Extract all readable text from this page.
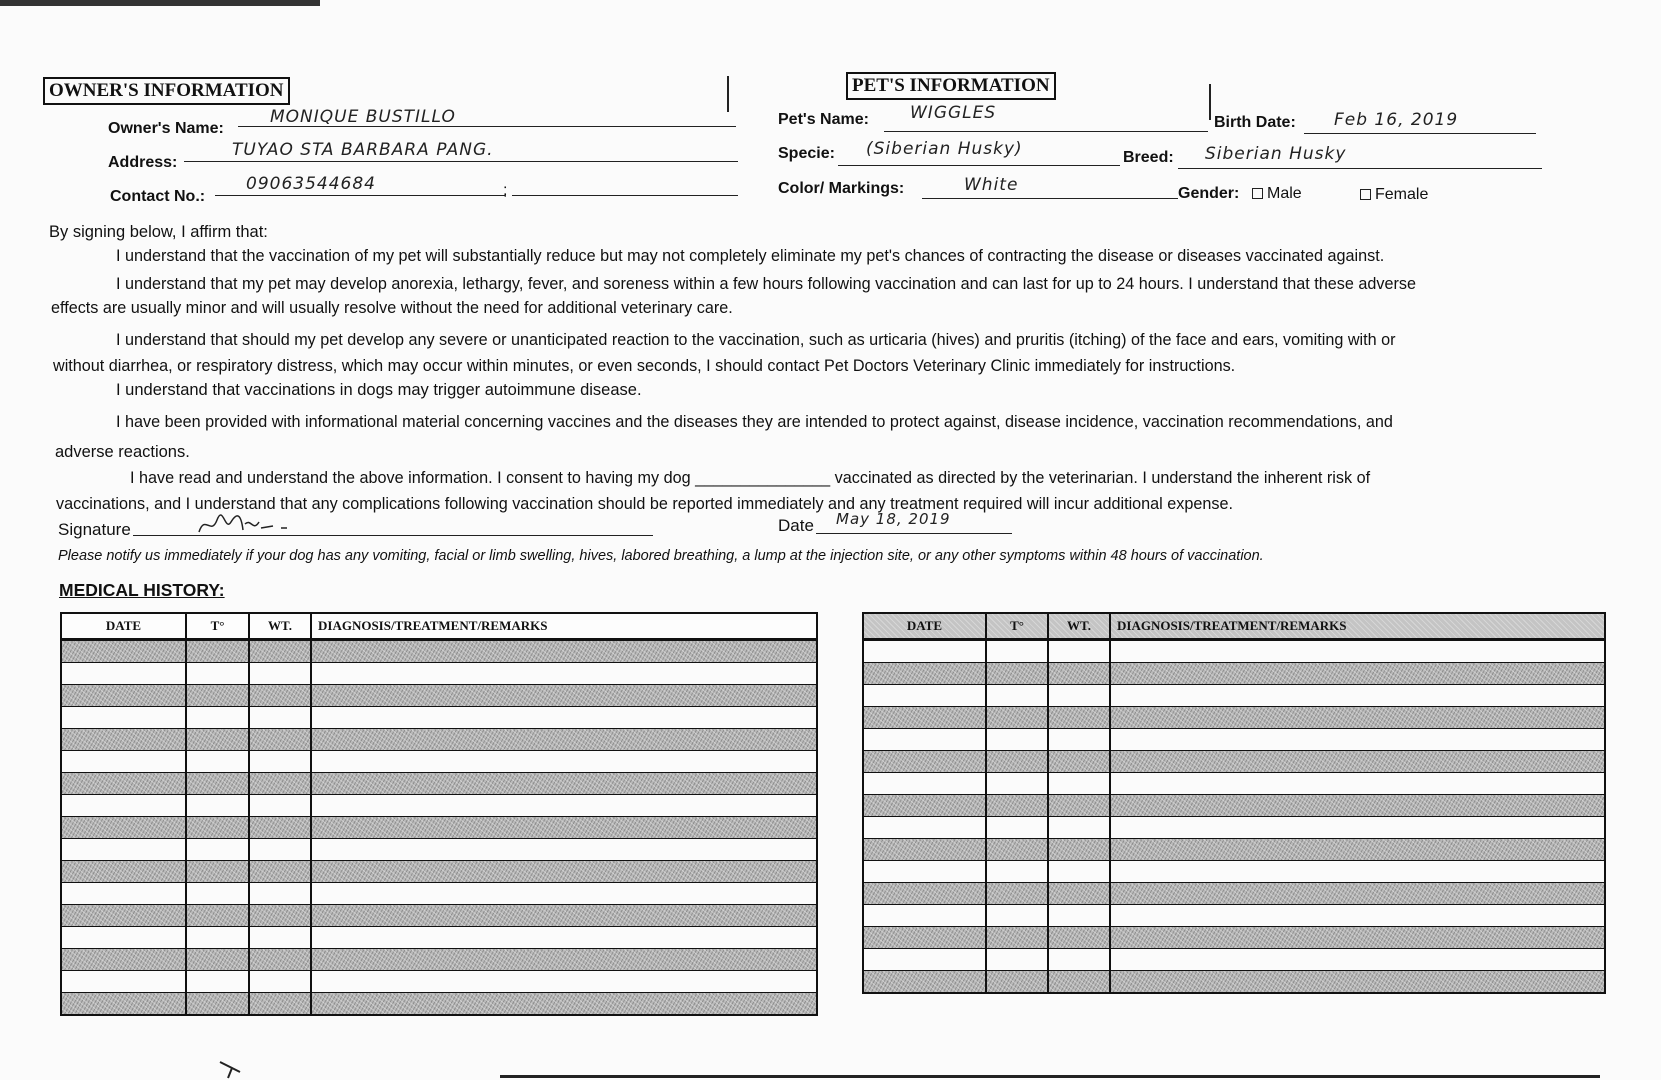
OWNER'S INFORMATION
Owner's Name:
MONIQUE BUSTILLO
Address:
TUYAO STA BARBARA PANG.
Contact No.:
09063544684	;
PET'S INFORMATION
Pet's Name: WIGGLES	Birth Date: Feb 16, 2019
Specie: (Siberian Husky)	Breed: Siberian Husky
Color/ Markings:	White	Gender:	Male	Female
By signing below, I affirm that:
I understand that the vaccination of my pet will substantially reduce but may not completely eliminate my pet's chances of contracting the disease or diseases vaccinated against.
I understand that my pet may develop anorexia, lethargy, fever, and soreness within a few hours following vaccination and can last for up to 24 hours. I understand that these adverse
effects are usually minor and will usually resolve without the need for additional veterinary care.
I understand that should my pet develop any severe or unanticipated reaction to the vaccination, such as urticaria (hives) and pruritis (itching) of the face and ears, vomiting with or
without diarrhea, or respiratory distress, which may occur within minutes, or even seconds, I should contact Pet Doctors Veterinary Clinic immediately for instructions.
I understand that vaccinations in dogs may trigger autoimmune disease.
I have been provided with informational material concerning vaccines and the diseases they are intended to protect against, disease incidence, vaccination recommendations, and
adverse reactions.
I have read and understand the above information. I consent to having my dog _______________ vaccinated as directed by the veterinarian. I understand the inherent risk of
vaccinations, and I understand that any complications following vaccination should be reported immediately and any treatment required will incur additional expense.
Signature	Date May 18, 2019
Please notify us immediately if your dog has any vomiting, facial or limb swelling, hives, labored breathing, a lump at the injection site, or any other symptoms within 48 hours of vaccination.
MEDICAL HISTORY:
DATE	T°	WT.	DIAGNOSIS/TREATMENT/REMARKS

				DATE	T°	WT.	DIAGNOSIS/TREATMENT/REMARKS
